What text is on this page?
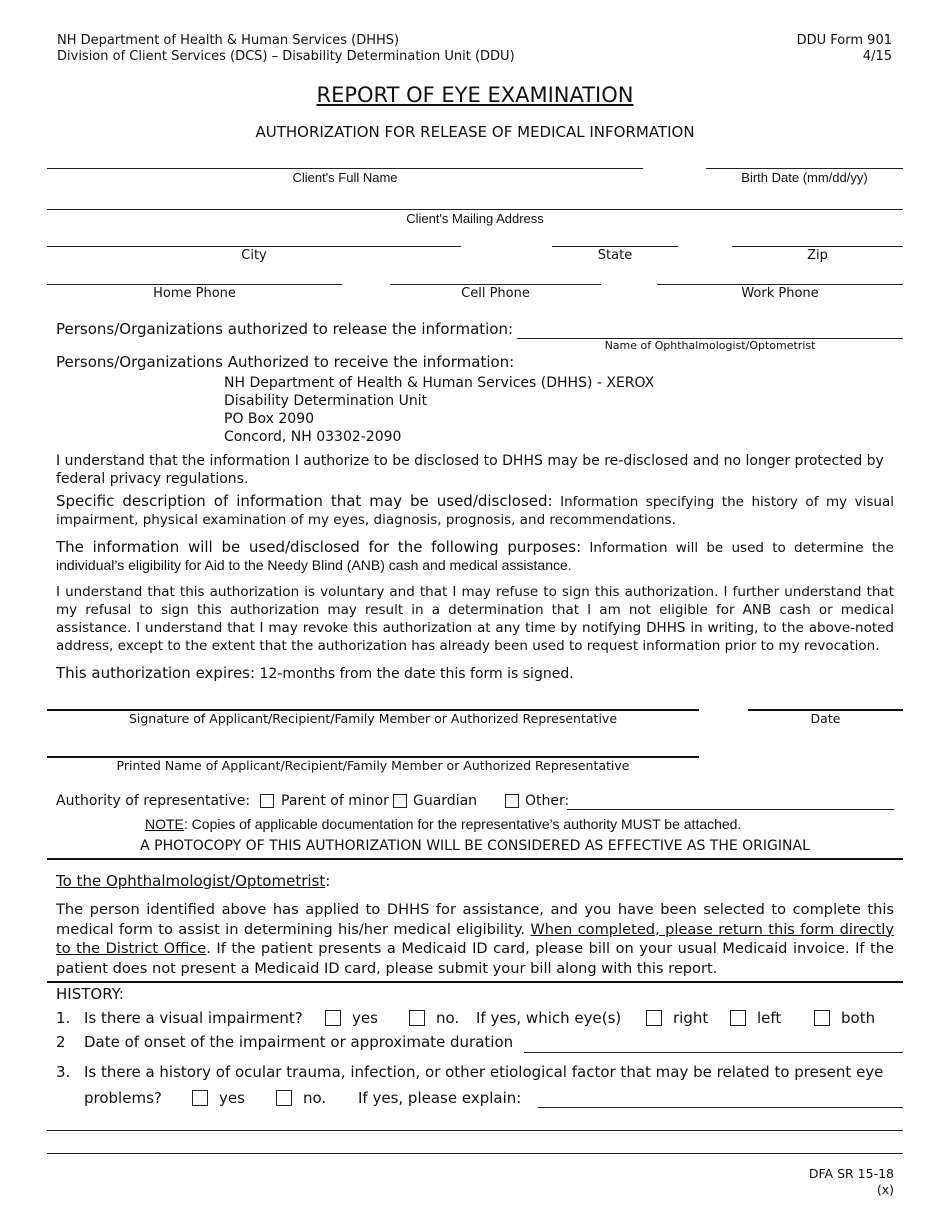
NH Department of Health & Human Services (DHHS)
Division of Client Services (DCS) – Disability Determination Unit (DDU)
DDU Form 901
4/15
REPORT OF EYE EXAMINATION
AUTHORIZATION FOR RELEASE OF MEDICAL INFORMATION
Client's Full Name	Birth Date (mm/dd/yy)
Client's Mailing Address
City	State	Zip
Home Phone	Cell Phone	Work Phone
Persons/Organizations authorized to release the information:
Name of Ophthalmologist/Optometrist
Persons/Organizations Authorized to receive the information:
NH Department of Health & Human Services (DHHS) - XEROX
Disability Determination Unit
PO Box 2090
Concord, NH 03302-2090
I understand that the information I authorize to be disclosed to DHHS may be re-disclosed and no longer protected by federal privacy regulations.
Specific description of information that may be used/disclosed: Information specifying the history of my visual impairment, physical examination of my eyes, diagnosis, prognosis, and recommendations.
The information will be used/disclosed for the following purposes: Information will be used to determine the
individual’s eligibility for Aid to the Needy Blind (ANB) cash and medical assistance.
I understand that this authorization is voluntary and that I may refuse to sign this authorization. I further understand that my refusal to sign this authorization may result in a determination that I am not eligible for ANB cash or medical assistance. I understand that I may revoke this authorization at any time by notifying DHHS in writing, to the above-noted address, except to the extent that the authorization has already been used to request information prior to my revocation.
This authorization expires: 12-months from the date this form is signed.
Signature of Applicant/Recipient/Family Member or Authorized Representative	Date
Printed Name of Applicant/Recipient/Family Member or Authorized Representative
Authority of representative: Parent of minor Guardian	Other:
NOTE: Copies of applicable documentation for the representative’s authority MUST be attached.
A PHOTOCOPY OF THIS AUTHORIZATION WILL BE CONSIDERED AS EFFECTIVE AS THE ORIGINAL
To the Ophthalmologist/Optometrist:
The person identified above has applied to DHHS for assistance, and you have been selected to complete this medical form to assist in determining his/her medical eligibility. When completed, please return this form directly to the District Office. If the patient presents a Medicaid ID card, please bill on your usual Medicaid invoice. If the patient does not present a Medicaid ID card, please submit your bill along with this report.
HISTORY:
1. Is there a visual impairment?	yes	no. If yes, which eye(s)	right	left	both
2 Date of onset of the impairment or approximate duration
3. Is there a history of ocular trauma, infection, or other etiological factor that may be related to present eye
problems?	yes	no. If yes, please explain:
DFA SR 15-18
(x)
